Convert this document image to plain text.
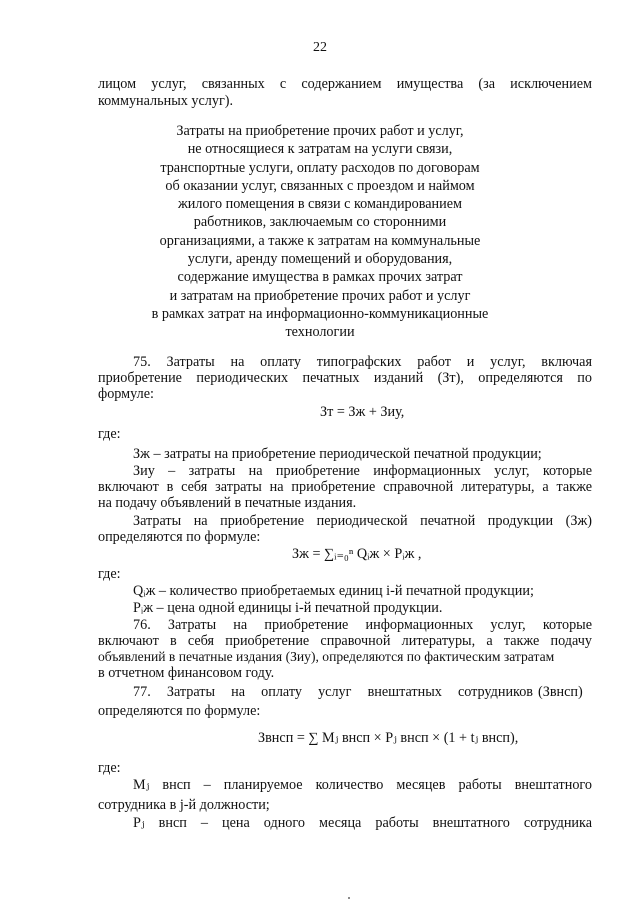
22
лицом услуг, связанных с содержанием имущества (за исключением
коммунальных услуг).
Затраты на приобретение прочих работ и услуг,
не относящиеся к затратам на услуги связи,
транспортные услуги, оплату расходов по договорам
об оказании услуг, связанных с проездом и наймом
жилого помещения в связи с командированием
работников, заключаемым со сторонними
организациями, а также к затратам на коммунальные
услуги, аренду помещений и оборудования,
содержание имущества в рамках прочих затрат
и затратам на приобретение прочих работ и услуг
в рамках затрат на информационно-коммуникационные
технологии
75. Затраты на оплату типографских работ и услуг, включая
приобретение периодических печатных изданий (Зᴛ), определяются по
формуле:
Зᴛ = Зж + Зиу,
где:
Зж – затраты на приобретение периодической печатной продукции;
Зиу – затраты на приобретение информационных услуг, которые
включают в себя затраты на приобретение справочной литературы, а также
на подачу объявлений в печатные издания.
Затраты на приобретение периодической печатной продукции (Зж)
определяются по формуле:
Зж = ∑ᵢ₌₀ⁿ Qᵢж × Pᵢж ,
где:
Qᵢж – количество приобретаемых единиц i-й печатной продукции;
Pᵢж – цена одной единицы i-й печатной продукции.
76. Затраты на приобретение информационных услуг, которые
включают в себя приобретение справочной литературы, а также подачу
объявлений в печатные издания (Зиу), определяются по фактическим затратам
в отчетном финансовом году.
77. Затраты на оплату услуг внештатных сотрудников (Звнсп)
определяются по формуле:
Звнсп = ∑ Mⱼ внсп × Pⱼ внсп × (1 + tⱼ внсп),
где:
Mⱼ внсп – планируемое количество месяцев работы внештатного
сотрудника в j-й должности;
Pⱼ внсп – цена одного месяца работы внештатного сотрудника
